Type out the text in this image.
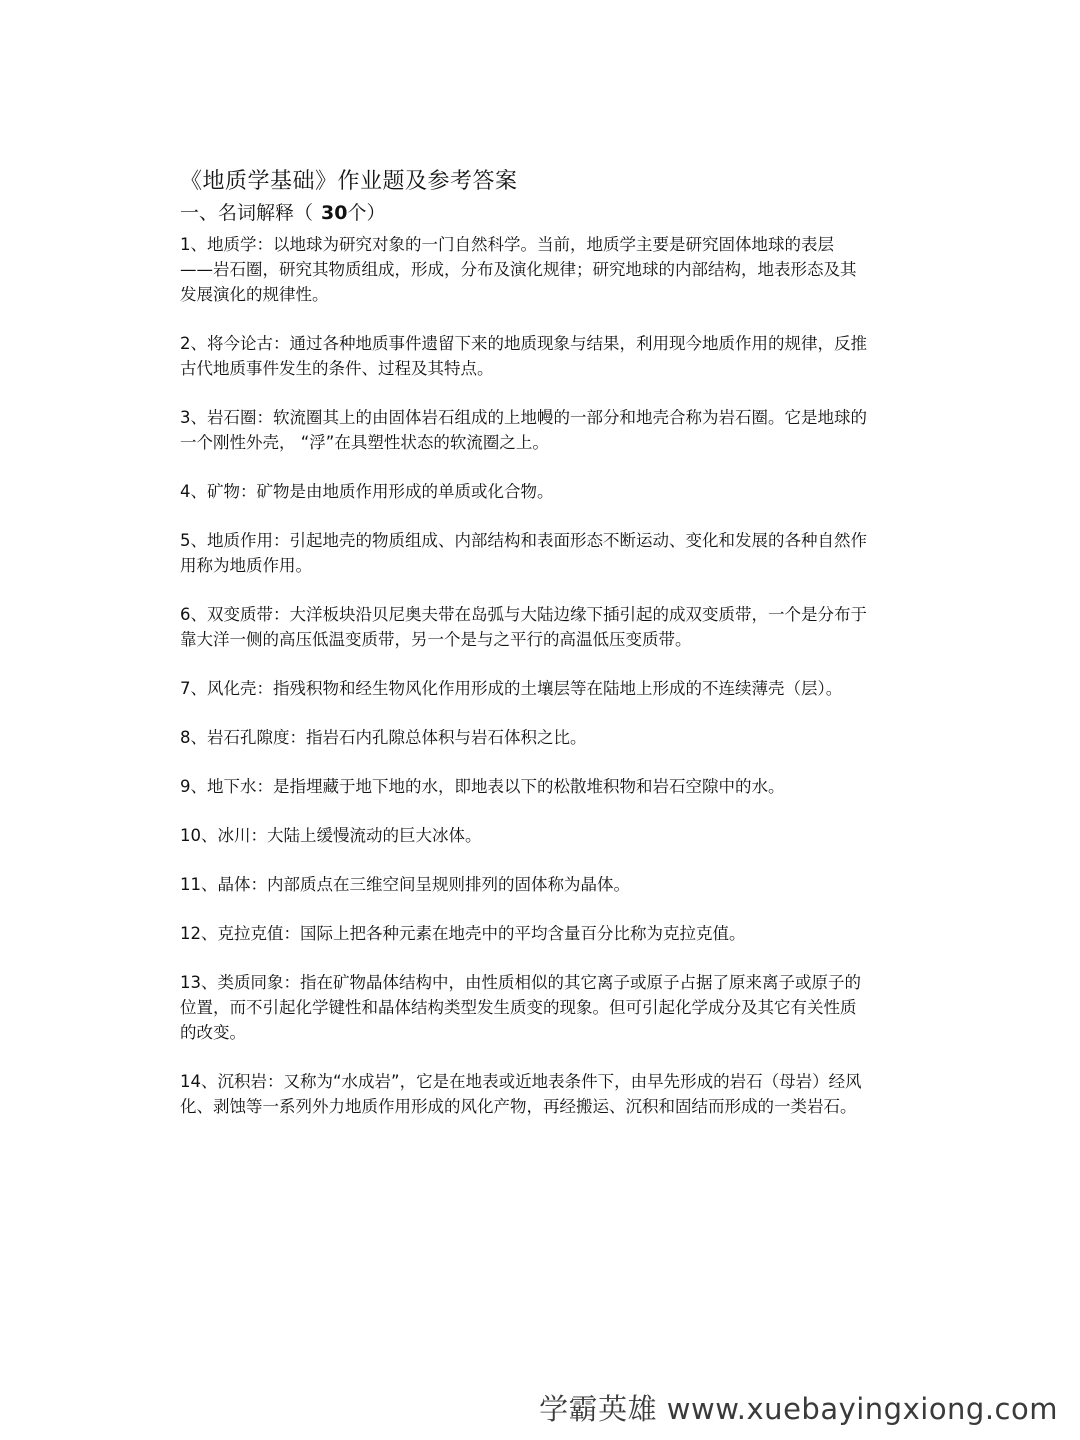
《地质学基础》作业题及参考答案
一、名词解释（ 30个）

1、地质学：以地球为研究对象的一门自然科学。当前，地质学主要是研究固体地球的表层 ——岩石圈，研究其物质组成，形成，分布及演化规律；研究地球的内部结构，地表形态及其发展演化的规律性。

2、将今论古：通过各种地质事件遗留下来的地质现象与结果，利用现今地质作用的规律，反推古代地质事件发生的条件、过程及其特点。

3、岩石圈：软流圈其上的由固体岩石组成的上地幔的一部分和地壳合称为岩石圈。它是地球的一个刚性外壳， “浮”在具塑性状态的软流圈之上。

4、矿物：矿物是由地质作用形成的单质或化合物。

5、地质作用：引起地壳的物质组成、内部结构和表面形态不断运动、变化和发展的各种自然作用称为地质作用。

6、双变质带：大洋板块沿贝尼奥夫带在岛弧与大陆边缘下插引起的成双变质带，一个是分布于靠大洋一侧的高压低温变质带，另一个是与之平行的高温低压变质带。

7、风化壳：指残积物和经生物风化作用形成的土壤层等在陆地上形成的不连续薄壳（层）。

8、岩石孔隙度：指岩石内孔隙总体积与岩石体积之比。

9、地下水：是指埋藏于地下地的水，即地表以下的松散堆积物和岩石空隙中的水。

10、冰川：大陆上缓慢流动的巨大冰体。

11、晶体：内部质点在三维空间呈规则排列的固体称为晶体。

12、克拉克值：国际上把各种元素在地壳中的平均含量百分比称为克拉克值。

13、类质同象：指在矿物晶体结构中，由性质相似的其它离子或原子占据了原来离子或原子的位置，而不引起化学键性和晶体结构类型发生质变的现象。但可引起化学成分及其它有关性质的改变。

14、沉积岩：又称为“水成岩”，它是在地表或近地表条件下，由早先形成的岩石（母岩）经风化、剥蚀等一系列外力地质作用形成的风化产物，再经搬运、沉积和固结而形成的一类岩石。

学霸英雄 www.xuebayingxiong.com
